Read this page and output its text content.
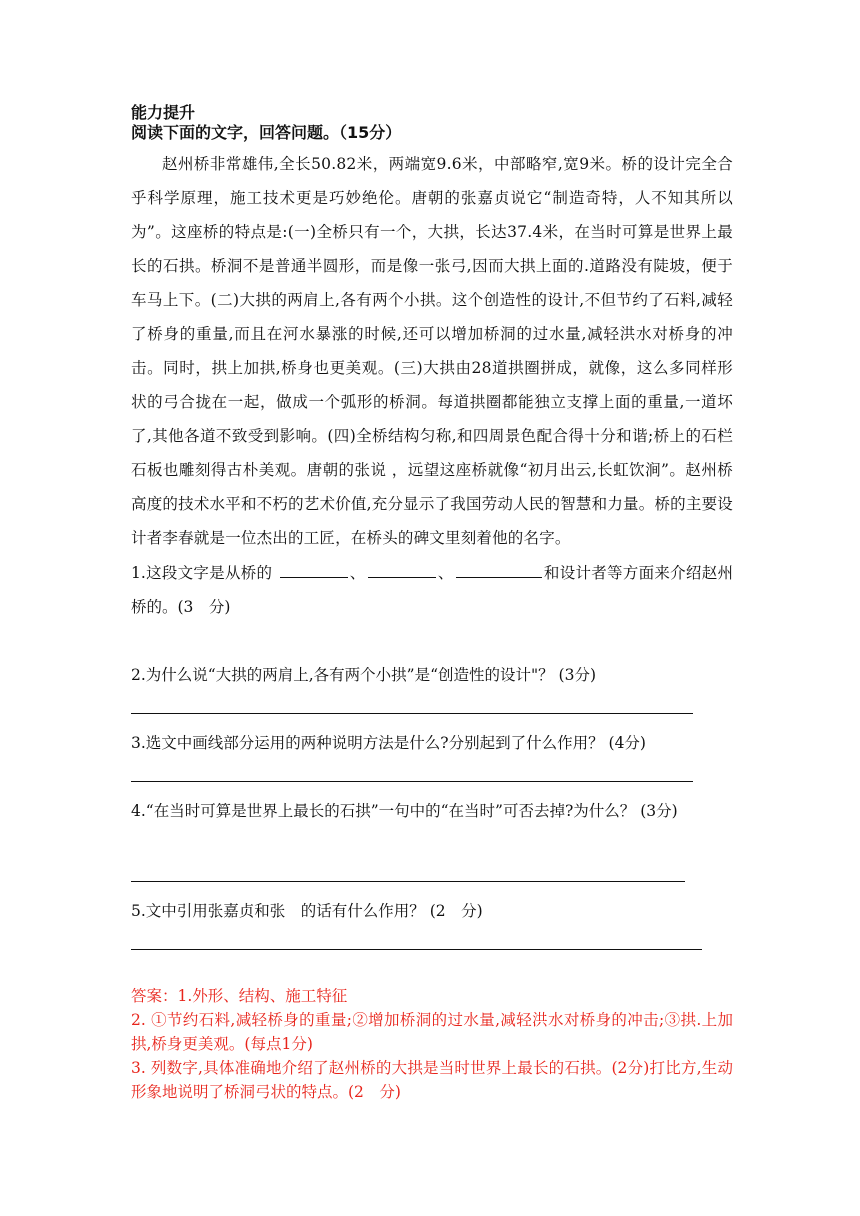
能力提升

阅读下面的文字，回答问题。（15分）

赵州桥非常雄伟,全长50.82米，两端宽9.6米，中部略窄,宽9米。桥的设计完全合乎科学原理，施工技术更是巧妙绝伦。唐朝的张嘉贞说它“制造奇特，人不知其所以为”。这座桥的特点是:(一)全桥只有一个，大拱，长达37.4米，在当时可算是世界上最长的石拱。桥洞不是普通半圆形，而是像一张弓,因而大拱上面的.道路没有陡坡，便于车马上下。(二)大拱的两肩上,各有两个小拱。这个创造性的设计,不但节约了石料,减轻了桥身的重量,而且在河水暴涨的时候,还可以增加桥洞的过水量,减轻洪水对桥身的冲击。同时，拱上加拱,桥身也更美观。(三)大拱由28道拱圈拼成，就像，这么多同样形状的弓合拢在一起，做成一个弧形的桥洞。每道拱圈都能独立支撑上面的重量,一道坏了,其他各道不致受到影响。(四)全桥结构匀称,和四周景色配合得十分和谐;桥上的石栏石板也雕刻得古朴美观。唐朝的张说 ，远望这座桥就像“初月出云,长虹饮涧”。赵州桥高度的技术水平和不朽的艺术价值,充分显示了我国劳动人民的智慧和力量。桥的主要设计者李春就是一位杰出的工匠，在桥头的碑文里刻着他的名字。

1.这段文字是从桥的	、	、	和设计者等方面来介绍赵州桥的。(3　分)

2.为什么说“大拱的两肩上,各有两个小拱”是“创造性的设计"？ (3分)

3.选文中画线部分运用的两种说明方法是什么?分别起到了什么作用？ (4分)

4.“在当时可算是世界上最长的石拱”一句中的“在当时”可否去掉?为什么？ (3分)

5.文中引用张嘉贞和张　的话有什么作用？ (2　分)

答案：1.外形、结构、施工特征

2. ①节约石料,减轻桥身的重量;②增加桥洞的过水量,减轻洪水对桥身的冲击;③拱.上加拱,桥身更美观。(每点1分)

3. 列数字,具体准确地介绍了赵州桥的大拱是当时世界上最长的石拱。(2分)打比方,生动形象地说明了桥洞弓状的特点。(2　分)
